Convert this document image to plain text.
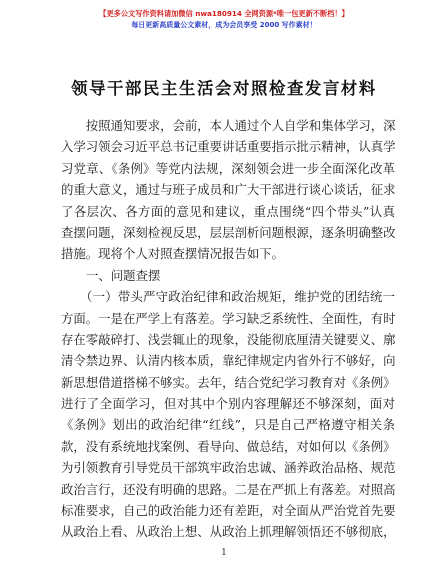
【更多公文写作资料请加微信 nwa180914 全网资源*唯一包更新不断档！】
每日更新高质量公文素材，成为会员享受 2000 写作素材！
领导干部民主生活会对照检查发言材料
　　按照通知要求，会前，本人通过个人自学和集体学习，深
入学习领会习近平总书记重要讲话重要指示批示精神，认真学
习党章、《条例》等党内法规，深刻领会进一步全面深化改革
的重大意义，通过与班子成员和广大干部进行谈心谈话，征求
了各层次、各方面的意见和建议，重点围绕“四个带头”认真
查摆问题，深刻检视反思，层层剖析问题根源，逐条明确整改
措施。现将个人对照查摆情况报告如下。
一、问题查摆
　　（一）带头严守政治纪律和政治规矩，维护党的团结统一
方面。一是在严学上有落差。学习缺乏系统性、全面性，有时
存在零敲碎打、浅尝辄止的现象，没能彻底厘清关键要义、廓
清令禁边界、认清内核本质，靠纪律规定内省外行不够好，向
新思想借道搭梯不够实。去年，结合党纪学习教育对《条例》
进行了全面学习，但对其中个别内容理解还不够深刻，面对
《条例》划出的政治纪律“红线”，只是自己严格遵守相关条
款，没有系统地找案例、看导向、做总结，对如何以《条例》
为引领教育引导党员干部筑牢政治忠诚、涵养政治品格、规范
政治言行，还没有明确的思路。二是在严抓上有落差。对照高
标准要求，自己的政治能力还有差距，对全面从严治党首先要
从政治上看、从政治上想、从政治上抓理解领悟还不够彻底，
1
